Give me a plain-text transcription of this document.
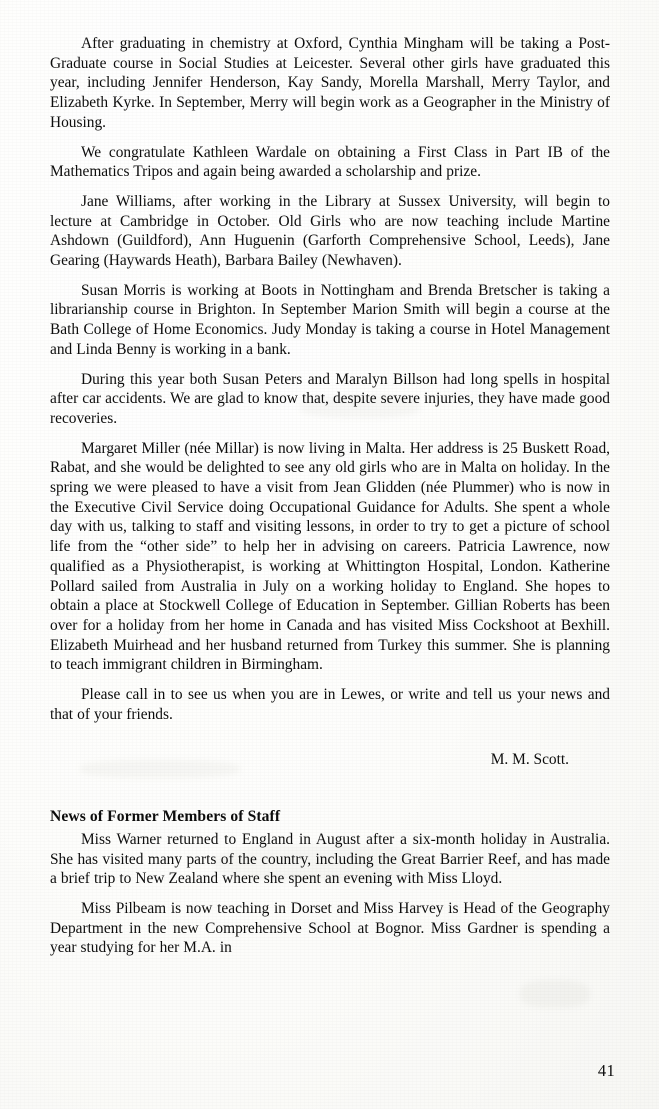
After graduating in chemistry at Oxford, Cynthia Mingham will be taking a Post-Graduate course in Social Studies at Leicester. Several other girls have graduated this year, including Jennifer Henderson, Kay Sandy, Morella Marshall, Merry Taylor, and Elizabeth Kyrke. In September, Merry will begin work as a Geographer in the Ministry of Housing.

We congratulate Kathleen Wardale on obtaining a First Class in Part IB of the Mathematics Tripos and again being awarded a scholarship and prize.

Jane Williams, after working in the Library at Sussex University, will begin to lecture at Cambridge in October. Old Girls who are now teaching include Martine Ashdown (Guildford), Ann Huguenin (Garforth Comprehensive School, Leeds), Jane Gearing (Haywards Heath), Barbara Bailey (Newhaven).

Susan Morris is working at Boots in Nottingham and Brenda Bretscher is taking a librarianship course in Brighton. In September Marion Smith will begin a course at the Bath College of Home Economics. Judy Monday is taking a course in Hotel Management and Linda Benny is working in a bank.

During this year both Susan Peters and Maralyn Billson had long spells in hospital after car accidents. We are glad to know that, despite severe injuries, they have made good recoveries.

Margaret Miller (née Millar) is now living in Malta. Her address is 25 Buskett Road, Rabat, and she would be delighted to see any old girls who are in Malta on holiday. In the spring we were pleased to have a visit from Jean Glidden (née Plummer) who is now in the Executive Civil Service doing Occupational Guidance for Adults. She spent a whole day with us, talking to staff and visiting lessons, in order to try to get a picture of school life from the “other side” to help her in advising on careers. Patricia Lawrence, now qualified as a Physiotherapist, is working at Whittington Hospital, London. Katherine Pollard sailed from Australia in July on a working holiday to England. She hopes to obtain a place at Stockwell College of Education in September. Gillian Roberts has been over for a holiday from her home in Canada and has visited Miss Cockshoot at Bexhill. Elizabeth Muirhead and her husband returned from Turkey this summer. She is planning to teach immigrant children in Birmingham.

Please call in to see us when you are in Lewes, or write and tell us your news and that of your friends.

M. M. Scott.
News of Former Members of Staff

Miss Warner returned to England in August after a six-month holiday in Australia. She has visited many parts of the country, including the Great Barrier Reef, and has made a brief trip to New Zealand where she spent an evening with Miss Lloyd.

Miss Pilbeam is now teaching in Dorset and Miss Harvey is Head of the Geography Department in the new Comprehensive School at Bognor. Miss Gardner is spending a year studying for her M.A. in

41
